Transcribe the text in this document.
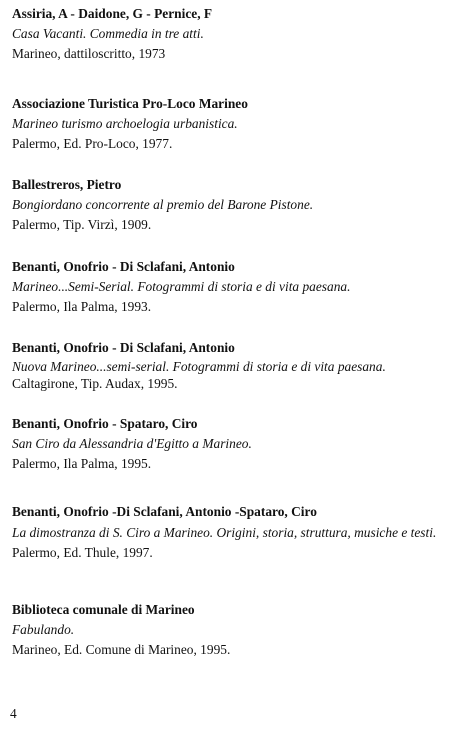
Assiria, A - Daidone, G - Pernice, F
Casa Vacanti. Commedia in tre atti.
Marineo, dattiloscritto, 1973
Associazione Turistica Pro-Loco Marineo
Marineo turismo archoelogia urbanistica.
Palermo, Ed. Pro-Loco, 1977.
Ballestreros, Pietro
Bongiordano concorrente al premio del Barone Pistone.
Palermo, Tip. Virzì, 1909.
Benanti, Onofrio - Di Sclafani, Antonio
Marineo...Semi-Serial. Fotogrammi di storia e di vita paesana.
Palermo, Ila Palma, 1993.
Benanti, Onofrio - Di Sclafani, Antonio
Nuova Marineo...semi-serial. Fotogrammi di storia e di vita paesana.
Caltagirone, Tip. Audax, 1995.
Benanti, Onofrio - Spataro, Ciro
San Ciro da Alessandria d'Egitto a Marineo.
Palermo, Ila Palma, 1995.
Benanti, Onofrio -Di Sclafani, Antonio -Spataro, Ciro
La dimostranza di S. Ciro a Marineo. Origini, storia, struttura, musiche e testi.
Palermo, Ed. Thule, 1997.
Biblioteca comunale di Marineo
Fabulando.
Marineo, Ed. Comune di Marineo, 1995.
4
